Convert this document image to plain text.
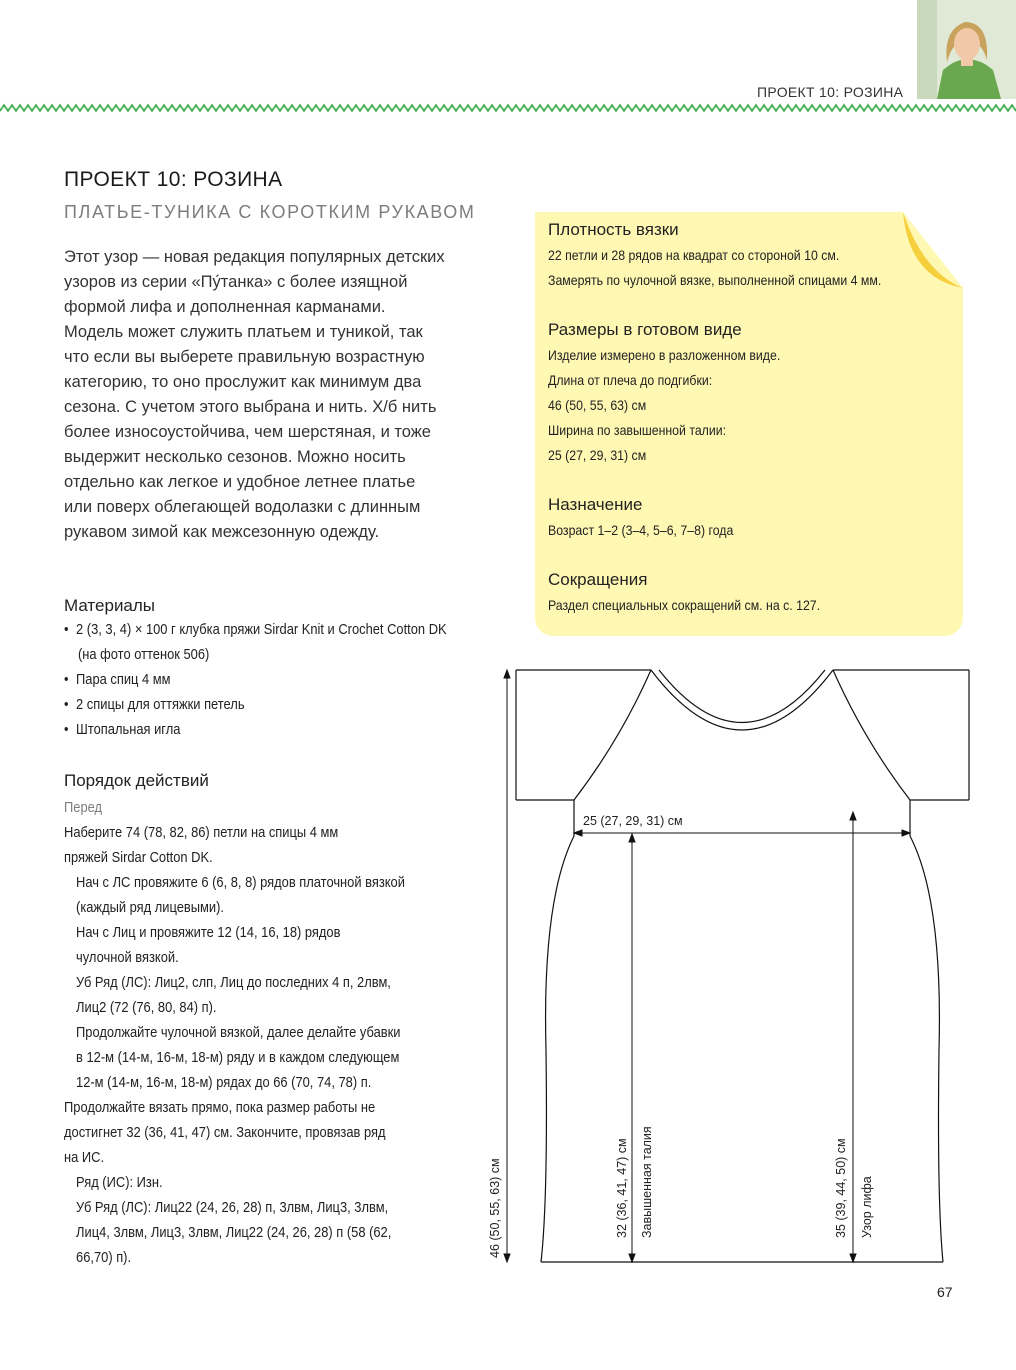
ПРОЕКТ 10: РОЗИНА
ПРОЕКТ 10: РОЗИНА
ПЛАТЬЕ-ТУНИКА С КОРОТКИМ РУКАВОМ
Этот узор — новая редакция популярных детских
узоров из серии «Пу́танка» с более изящной
формой лифа и дополненная карманами.
Модель может служить платьем и туникой, так
что если вы выберете правильную возрастную
категорию, то оно прослужит как минимум два
сезона. С учетом этого выбрана и нить. Х/б нить
более износоустойчива, чем шерстяная, и тоже
выдержит несколько сезонов. Можно носить
отдельно как легкое и удобное летнее платье
или поверх облегающей водолазки с длинным
рукавом зимой как межсезонную одежду.
Плотность вязки
22 петли и 28 рядов на квадрат со стороной 10 см.
Замерять по чулочной вязке, выполненной спицами 4 мм.
Размеры в готовом виде
Изделие измерено в разложенном виде.
Длина от плеча до подгибки:
46 (50, 55, 63) см
Ширина по завышенной талии:
25 (27, 29, 31) см
Назначение
Возраст 1–2 (3–4, 5–6, 7–8) года
Сокращения
Раздел специальных сокращений см. на с. 127.
Материалы
• 2 (3, 3, 4) × 100 г клубка пряжи Sirdar Knit и Crochet Cotton DK
(на фото оттенок 506)
• Пара спиц 4 мм
• 2 спицы для оттяжки петель
• Штопальная игла
Порядок действий
Перед
Наберите 74 (78, 82, 86) петли на спицы 4 мм
пряжей Sirdar Cotton DK.
Нач с ЛС провяжите 6 (6, 8, 8) рядов платочной вязкой
(каждый ряд лицевыми).
Нач с Лиц и провяжите 12 (14, 16, 18) рядов
чулочной вязкой.
Уб Ряд (ЛС): Лиц2, слп, Лиц до последних 4 п, 2лвм,
Лиц2 (72 (76, 80, 84) п).
Продолжайте чулочной вязкой, далее делайте убавки
в 12-м (14-м, 16-м, 18-м) ряду и в каждом следующем
12-м (14-м, 16-м, 18-м) рядах до 66 (70, 74, 78) п.
Продолжайте вязать прямо, пока размер работы не
достигнет 32 (36, 41, 47) см. Закончите, провязав ряд
на ИС.
Ряд (ИС): Изн.
Уб Ряд (ЛС): Лиц22 (24, 26, 28) п, 3лвм, Лиц3, 3лвм,
Лиц4, 3лвм, Лиц3, 3лвм, Лиц22 (24, 26, 28) п (58 (62,
66,70) п).
25 (27, 29, 31) см
46 (50, 55, 63) см	32 (36, 41, 47) см Завышенная талия	35 (39, 44, 50) см Узор лифа
67
